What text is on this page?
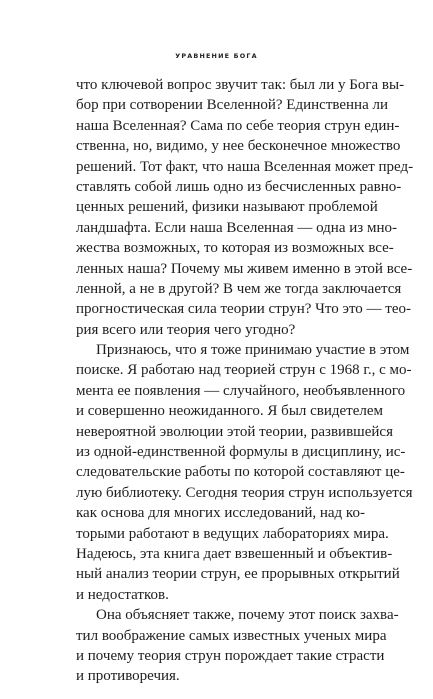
УРАВНЕНИЕ БОГА
что ключевой вопрос звучит так: был ли у Бога вы-
бор при сотворении Вселенной? Единственна ли
наша Вселенная? Сама по себе теория струн един-
ственна, но, видимо, у нее бесконечное множество
решений. Тот факт, что наша Вселенная может пред-
ставлять собой лишь одно из бесчисленных равно-
ценных решений, физики называют проблемой
ландшафта. Если наша Вселенная — одна из мно-
жества возможных, то которая из возможных все-
ленных наша? Почему мы живем именно в этой все-
ленной, а не в другой? В чем же тогда заключается
прогностическая сила теории струн? Что это — тео-
рия всего или теория чего угодно?
Признаюсь, что я тоже принимаю участие в этом
поиске. Я работаю над теорией струн с 1968 г., с мо-
мента ее появления — случайного, необъявленного
и совершенно неожиданного. Я был свидетелем
невероятной эволюции этой теории, развившейся
из одной-единственной формулы в дисциплину, ис-
следовательские работы по которой составляют це-
лую библиотеку. Сегодня теория струн используется
как основа для многих исследований, над ко-
торыми работают в ведущих лабораториях мира.
Надеюсь, эта книга дает взвешенный и объектив-
ный анализ теории струн, ее прорывных открытий
и недостатков.
Она объясняет также, почему этот поиск захва-
тил воображение самых известных ученых мира
и почему теория струн порождает такие страсти
и противоречия.
